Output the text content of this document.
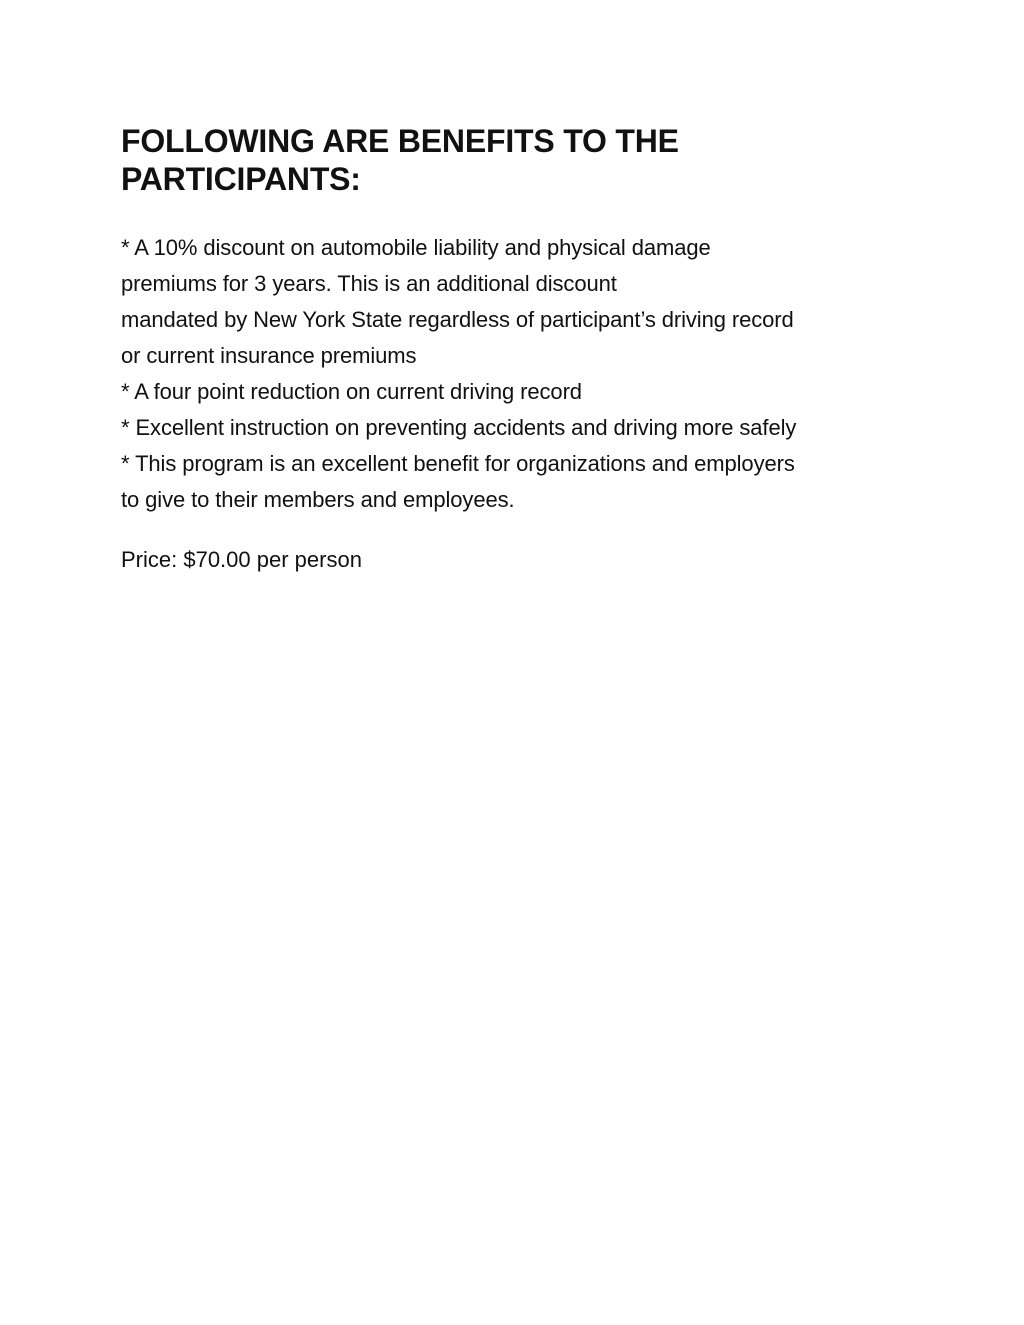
FOLLOWING ARE BENEFITS TO THE
PARTICIPANTS:
* A 10% discount on automobile liability and physical damage
premiums for 3 years. This is an additional discount
mandated by New York State regardless of participant’s driving record
or current insurance premiums
* A four point reduction on current driving record
* Excellent instruction on preventing accidents and driving more safely
* This program is an excellent benefit for organizations and employers
to give to their members and employees.
Price: $70.00 per person
